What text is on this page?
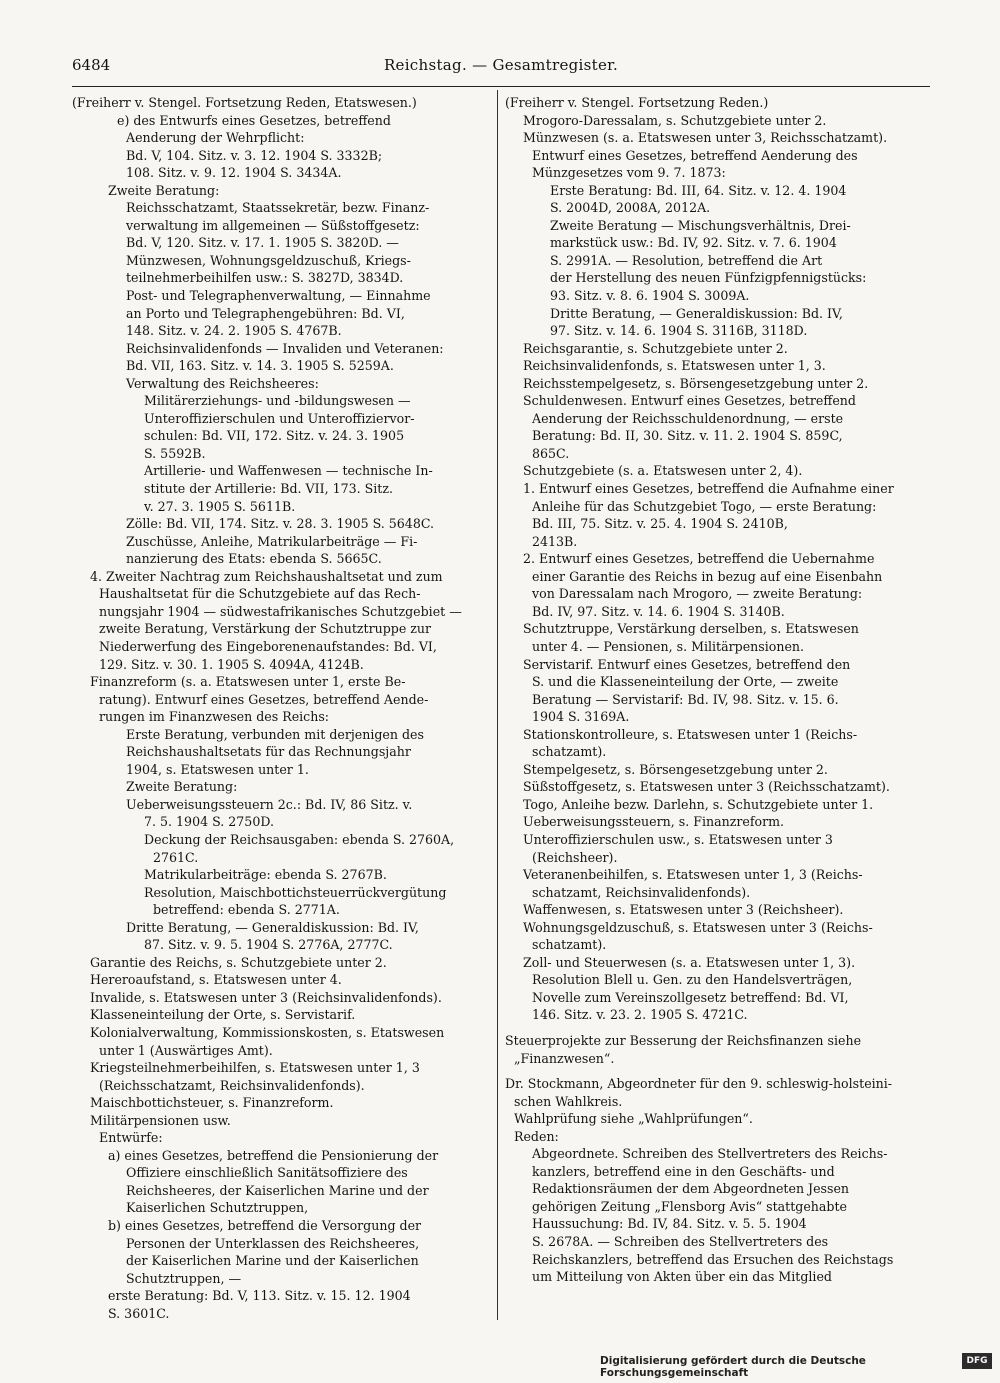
6484	Reichstag. — Gesamtregister.
(Freiherr v. Stengel. Fortsetzung Reden, Etatswesen.)
e) des Entwurfs eines Gesetzes, betreffend
Aenderung der Wehrpflicht:
Bd. V, 104. Sitz. v. 3. 12. 1904 S. 3332B;
108. Sitz. v. 9. 12. 1904 S. 3434A.
Zweite Beratung:
Reichsschatzamt, Staatssekretär, bezw. Finanz-
verwaltung im allgemeinen — Süßstoffgesetz:
Bd. V, 120. Sitz. v. 17. 1. 1905 S. 3820D. —
Münzwesen, Wohnungsgeldzuschuß, Kriegs-
teilnehmerbeihilfen usw.: S. 3827D, 3834D.
Post- und Telegraphenverwaltung, — Einnahme
an Porto und Telegraphengebühren: Bd. VI,
148. Sitz. v. 24. 2. 1905 S. 4767B.
Reichsinvalidenfonds — Invaliden und Veteranen:
Bd. VII, 163. Sitz. v. 14. 3. 1905 S. 5259A.
Verwaltung des Reichsheeres:
Militärerziehungs- und -bildungswesen —
Unteroffizierschulen und Unteroffiziervor-
schulen: Bd. VII, 172. Sitz. v. 24. 3. 1905
S. 5592B.
Artillerie- und Waffenwesen — technische In-
stitute der Artillerie: Bd. VII, 173. Sitz.
v. 27. 3. 1905 S. 5611B.
Zölle: Bd. VII, 174. Sitz. v. 28. 3. 1905 S. 5648C.
Zuschüsse, Anleihe, Matrikularbeiträge — Fi-
nanzierung des Etats: ebenda S. 5665C.
4. Zweiter Nachtrag zum Reichshaushaltsetat und zum
Haushaltsetat für die Schutzgebiete auf das Rech-
nungsjahr 1904 — südwestafrikanisches Schutzgebiet —
zweite Beratung, Verstärkung der Schutztruppe zur
Niederwerfung des Eingeborenenaufstandes: Bd. VI,
129. Sitz. v. 30. 1. 1905 S. 4094A, 4124B.
Finanzreform (s. a. Etatswesen unter 1, erste Be-
ratung). Entwurf eines Gesetzes, betreffend Aende-
rungen im Finanzwesen des Reichs:
Erste Beratung, verbunden mit derjenigen des
Reichshaushaltsetats für das Rechnungsjahr
1904, s. Etatswesen unter 1.
Zweite Beratung:
Ueberweisungssteuern 2c.: Bd. IV, 86 Sitz. v.
7. 5. 1904 S. 2750D.
Deckung der Reichsausgaben: ebenda S. 2760A,
2761C.
Matrikularbeiträge: ebenda S. 2767B.
Resolution, Maischbottichsteuerrückvergütung
betreffend: ebenda S. 2771A.
Dritte Beratung, — Generaldiskussion: Bd. IV,
87. Sitz. v. 9. 5. 1904 S. 2776A, 2777C.
Garantie des Reichs, s. Schutzgebiete unter 2.
Hereroaufstand, s. Etatswesen unter 4.
Invalide, s. Etatswesen unter 3 (Reichsinvalidenfonds).
Klasseneinteilung der Orte, s. Servistarif.
Kolonialverwaltung, Kommissionskosten, s. Etatswesen
unter 1 (Auswärtiges Amt).
Kriegsteilnehmerbeihilfen, s. Etatswesen unter 1, 3
(Reichsschatzamt, Reichsinvalidenfonds).
Maischbottichsteuer, s. Finanzreform.
Militärpensionen usw.
Entwürfe:
a) eines Gesetzes, betreffend die Pensionierung der
Offiziere einschließlich Sanitätsoffiziere des
Reichsheeres, der Kaiserlichen Marine und der
Kaiserlichen Schutztruppen,
b) eines Gesetzes, betreffend die Versorgung der
Personen der Unterklassen des Reichsheeres,
der Kaiserlichen Marine und der Kaiserlichen
Schutztruppen, —
erste Beratung: Bd. V, 113. Sitz. v. 15. 12. 1904
S. 3601C.
(Freiherr v. Stengel. Fortsetzung Reden.)
Mrogoro-Daressalam, s. Schutzgebiete unter 2.
Münzwesen (s. a. Etatswesen unter 3, Reichsschatzamt).
Entwurf eines Gesetzes, betreffend Aenderung des
Münzgesetzes vom 9. 7. 1873:
Erste Beratung: Bd. III, 64. Sitz. v. 12. 4. 1904
S. 2004D, 2008A, 2012A.
Zweite Beratung — Mischungsverhältnis, Drei-
markstück usw.: Bd. IV, 92. Sitz. v. 7. 6. 1904
S. 2991A. — Resolution, betreffend die Art
der Herstellung des neuen Fünfzigpfennigstücks:
93. Sitz. v. 8. 6. 1904 S. 3009A.
Dritte Beratung, — Generaldiskussion: Bd. IV,
97. Sitz. v. 14. 6. 1904 S. 3116B, 3118D.
Reichsgarantie, s. Schutzgebiete unter 2.
Reichsinvalidenfonds, s. Etatswesen unter 1, 3.
Reichsstempelgesetz, s. Börsengesetzgebung unter 2.
Schuldenwesen. Entwurf eines Gesetzes, betreffend
Aenderung der Reichsschuldenordnung, — erste
Beratung: Bd. II, 30. Sitz. v. 11. 2. 1904 S. 859C,
865C.
Schutzgebiete (s. a. Etatswesen unter 2, 4).
1. Entwurf eines Gesetzes, betreffend die Aufnahme einer
Anleihe für das Schutzgebiet Togo, — erste Beratung:
Bd. III, 75. Sitz. v. 25. 4. 1904 S. 2410B,
2413B.
2. Entwurf eines Gesetzes, betreffend die Uebernahme
einer Garantie des Reichs in bezug auf eine Eisenbahn
von Daressalam nach Mrogoro, — zweite Beratung:
Bd. IV, 97. Sitz. v. 14. 6. 1904 S. 3140B.
Schutztruppe, Verstärkung derselben, s. Etatswesen
unter 4. — Pensionen, s. Militärpensionen.
Servistarif. Entwurf eines Gesetzes, betreffend den
S. und die Klasseneinteilung der Orte, — zweite
Beratung — Servistarif: Bd. IV, 98. Sitz. v. 15. 6.
1904 S. 3169A.
Stationskontrolleure, s. Etatswesen unter 1 (Reichs-
schatzamt).
Stempelgesetz, s. Börsengesetzgebung unter 2.
Süßstoffgesetz, s. Etatswesen unter 3 (Reichsschatzamt).
Togo, Anleihe bezw. Darlehn, s. Schutzgebiete unter 1.
Ueberweisungssteuern, s. Finanzreform.
Unteroffizierschulen usw., s. Etatswesen unter 3
(Reichsheer).
Veteranenbeihilfen, s. Etatswesen unter 1, 3 (Reichs-
schatzamt, Reichsinvalidenfonds).
Waffenwesen, s. Etatswesen unter 3 (Reichsheer).
Wohnungsgeldzuschuß, s. Etatswesen unter 3 (Reichs-
schatzamt).
Zoll- und Steuerwesen (s. a. Etatswesen unter 1, 3).
Resolution Blell u. Gen. zu den Handelsverträgen,
Novelle zum Vereinszollgesetz betreffend: Bd. VI,
146. Sitz. v. 23. 2. 1905 S. 4721C.
Steuerprojekte zur Besserung der Reichsfinanzen siehe
„Finanzwesen“.
Dr. Stockmann, Abgeordneter für den 9. schleswig-holsteini-
schen Wahlkreis.
Wahlprüfung siehe „Wahlprüfungen“.
Reden:
Abgeordnete. Schreiben des Stellvertreters des Reichs-
kanzlers, betreffend eine in den Geschäfts- und
Redaktionsräumen der dem Abgeordneten Jessen
gehörigen Zeitung „Flensborg Avis“ stattgehabte
Haussuchung: Bd. IV, 84. Sitz. v. 5. 5. 1904
S. 2678A. — Schreiben des Stellvertreters des
Reichskanzlers, betreffend das Ersuchen des Reichstags
um Mitteilung von Akten über ein das Mitglied
Digitalisierung gefördert durch die Deutsche Forschungsgemeinschaft
DFG
